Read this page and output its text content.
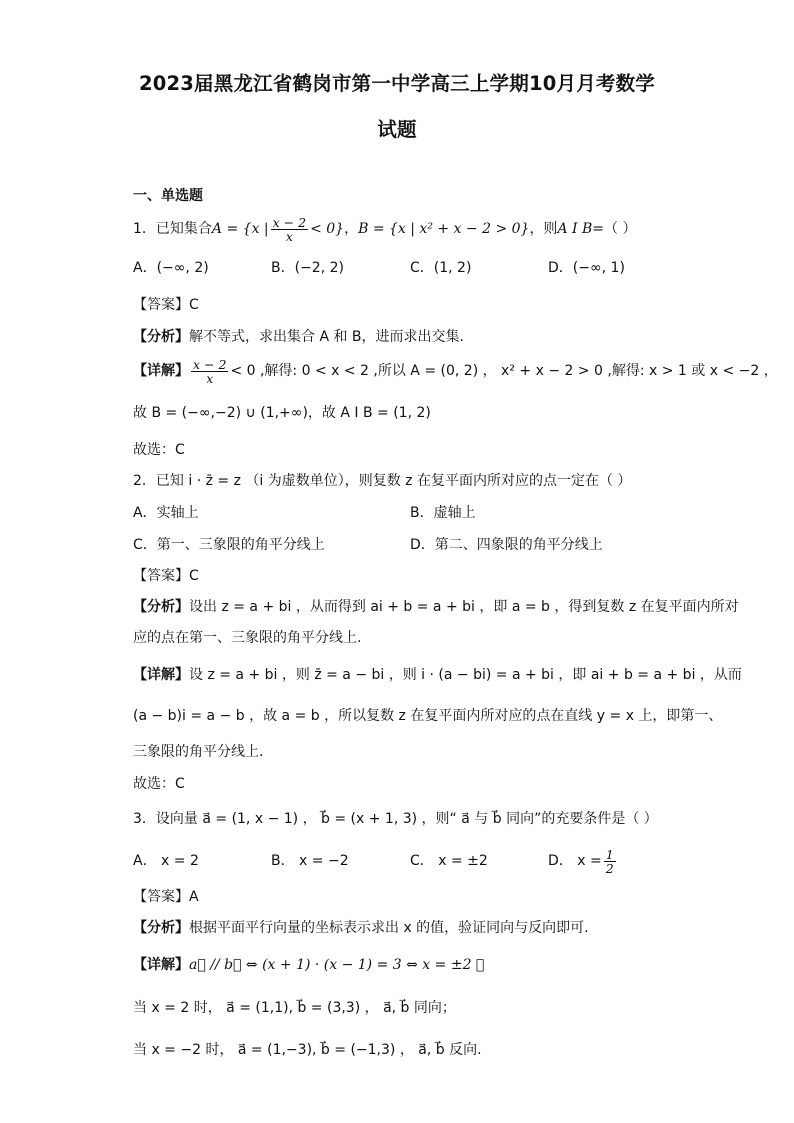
2023届黑龙江省鹤岗市第一中学高三上学期10月月考数学
试题
一、单选题
1．已知集合A = {x | $\frac{x - 2}{x} < 0$}，B = {x | x² + x − 2 > 0}，则A I B=（ ）
A．(−∞, 2)	B．(−2, 2)	C．(1, 2)	D．(−∞, 1)
【答案】C
【分析】解不等式，求出集合 A 和 B，进而求出交集.
【详解】 $\frac{x - 2}{x} < 0$ ,解得: 0 < x < 2 ,所以 A = (0, 2) ， x² + x − 2 > 0 ,解得: x > 1 或 x < −2 ，
故 B = (−∞,−2) ∪ (1,+∞)，故 A I B = (1, 2)
故选：C
2．已知 i · z̄ = z （i 为虚数单位），则复数 z 在复平面内所对应的点一定在（ ）
A．实轴上	B．虚轴上
C．第一、三象限的角平分线上	D．第二、四象限的角平分线上
【答案】C
【分析】设出 z = a + bi ，从而得到 ai + b = a + bi ，即 a = b ，得到复数 z 在复平面内所对
应的点在第一、三象限的角平分线上.
【详解】设 z = a + bi ，则 z̄ = a − bi ，则 i · (a − bi) = a + bi ，即 ai + b = a + bi ，从而
(a − b)i = a − b ，故 a = b ，所以复数 z 在复平面内所对应的点在直线 y = x 上，即第一、
三象限的角平分线上.
故选：C
3．设向量 a⃗ = (1, x − 1) ， b⃗ = (x + 1, 3) ，则“ a⃗ 与 b⃗ 同向”的充要条件是（ ）
A． x = 2	B． x = −2	C． x = ±2	D． $x = \frac{1}{2}$
【答案】A
【分析】根据平面平行向量的坐标表示求出 x 的值，验证同向与反向即可.
【详解】a⃗ // b⃗ ⇔ (x + 1) · (x − 1) = 3 ⇔ x = ±2 ，
当 x = 2 时， a⃗ = (1,1), b⃗ = (3,3) ， a⃗, b⃗ 同向；
当 x = −2 时， a⃗ = (1,−3), b⃗ = (−1,3) ， a⃗, b⃗ 反向.
